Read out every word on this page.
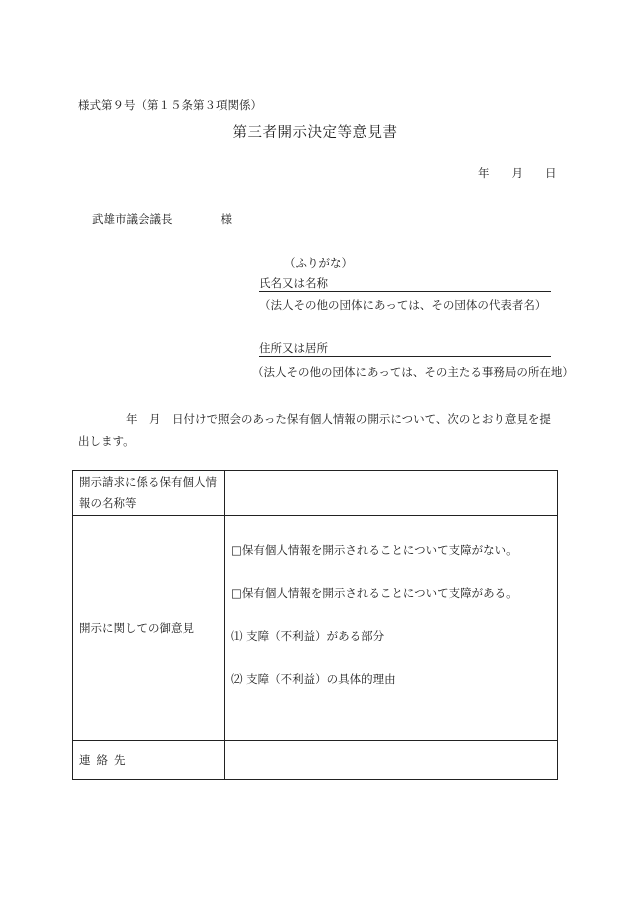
様式第９号（第１５条第３項関係）
第三者開示決定等意見書
年 月 日
武雄市議会議長	様
（ふりがな）
氏名又は名称
（法人その他の団体にあっては、その団体の代表者名）
住所又は居所
（法人その他の団体にあっては、その主たる事務局の所在地）
年　月　日付けで照会のあった保有個人情報の開示について、次のとおり意見を提出します。
開示請求に係る保有個人情報の名称等	
開示に関しての御意見	□保有個人情報を開示されることについて支障がない。
□保有個人情報を開示されることについて支障がある。
⑴ 支障（不利益）がある部分
⑵ 支障（不利益）の具体的理由

連絡先	
